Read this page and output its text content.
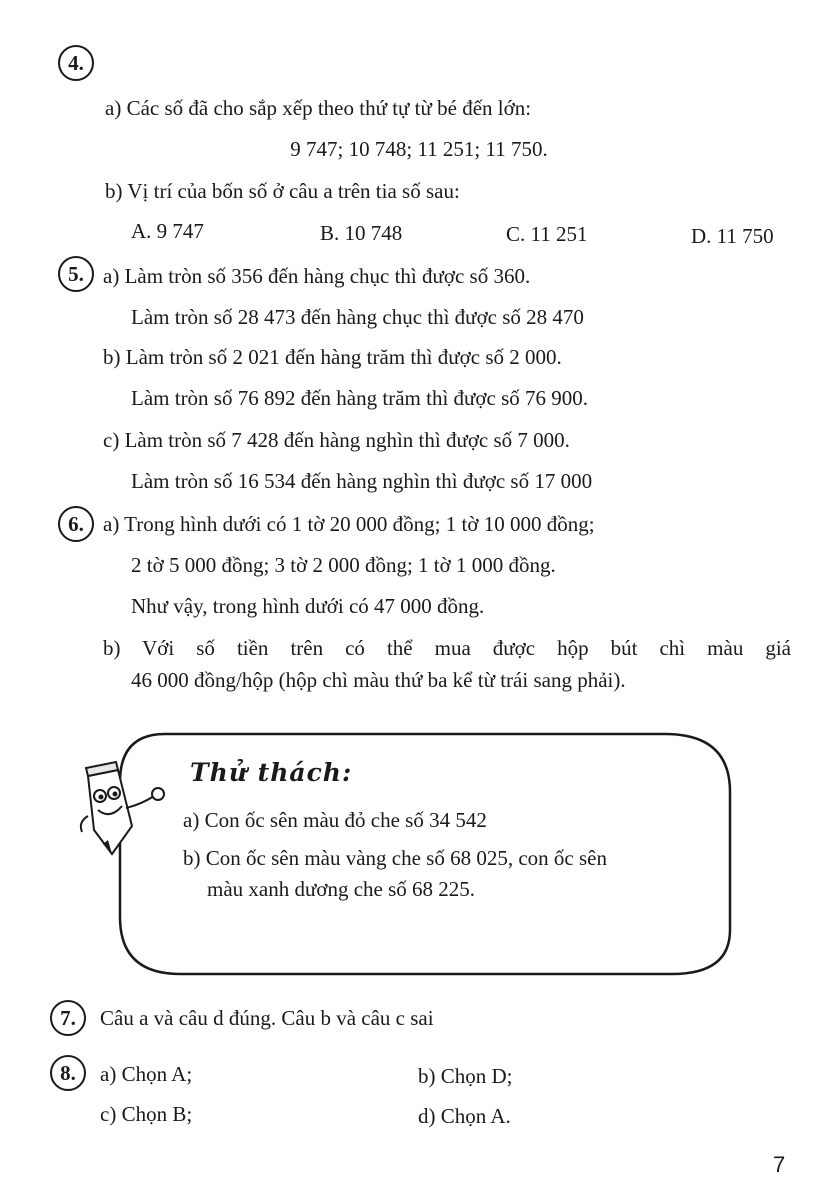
4.
a) Các số đã cho sắp xếp theo thứ tự từ bé đến lớn:
9 747; 10 748; 11 251; 11 750.
b) Vị trí của bốn số ở câu a trên tia số sau:
A. 9 747	B. 10 748	C. 11 251	D. 11 750
5. a) Làm tròn số 356 đến hàng chục thì được số 360.
Làm tròn số 28 473 đến hàng chục thì được số 28 470
b) Làm tròn số 2 021 đến hàng trăm thì được số 2 000.
Làm tròn số 76 892 đến hàng trăm thì được số 76 900.
c) Làm tròn số 7 428 đến hàng nghìn thì được số 7 000.
Làm tròn số 16 534 đến hàng nghìn thì được số 17 000
6. a) Trong hình dưới có 1 tờ 20 000 đồng; 1 tờ 10 000 đồng;
2 tờ 5 000 đồng; 3 tờ 2 000 đồng; 1 tờ 1 000 đồng.
Như vậy, trong hình dưới có 47 000 đồng.
b) Với số tiền trên có thể mua được hộp bút chì màu giá
46 000 đồng/hộp (hộp chì màu thứ ba kể từ trái sang phải).
Thử thách:
a) Con ốc sên màu đỏ che số 34 542
b) Con ốc sên màu vàng che số 68 025, con ốc sên
màu xanh dương che số 68 225.
7. Câu a và câu d đúng. Câu b và câu c sai
8. a) Chọn A;	b) Chọn D;
c) Chọn B;	d) Chọn A.
7
